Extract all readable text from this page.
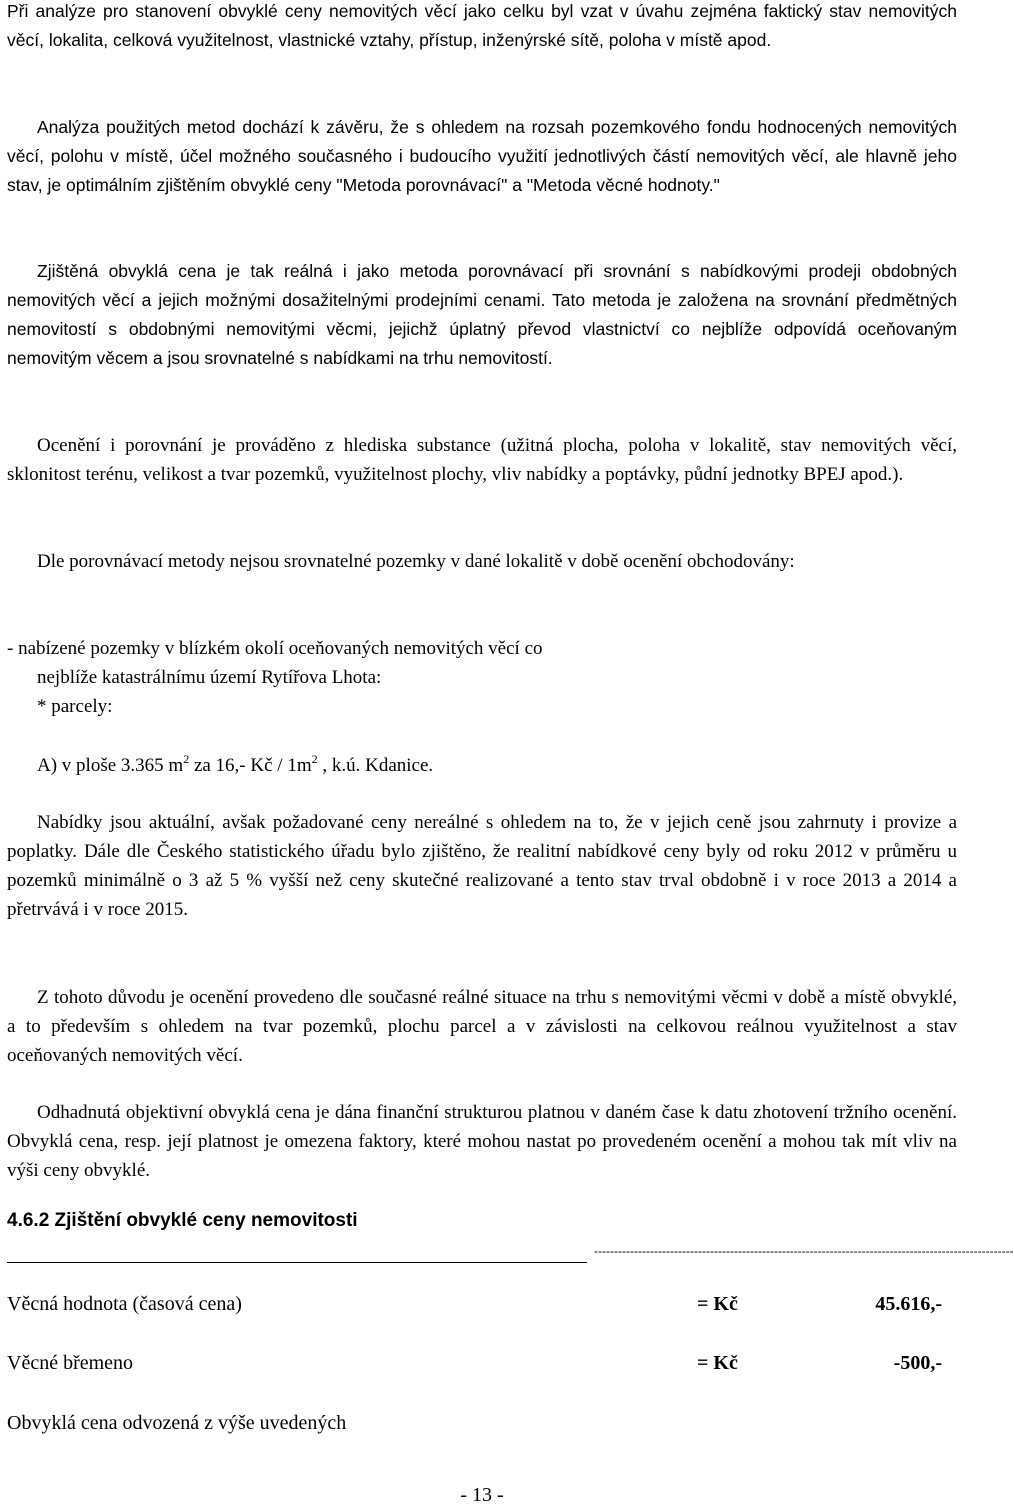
Při analýze pro stanovení obvyklé ceny nemovitých věcí jako celku byl vzat v úvahu zejména faktický stav nemovitých věcí, lokalita, celková využitelnost, vlastnické vztahy, přístup, inženýrské sítě, poloha v místě apod.

Analýza použitých metod dochází k závěru, že s ohledem na rozsah pozemkového fondu hodnocených nemovitých věcí, polohu v místě, účel možného současného i budoucího využití jednotlivých částí nemovitých věcí, ale hlavně jeho stav, je optimálním zjištěním obvyklé ceny "Metoda porovnávací" a "Metoda věcné hodnoty."

Zjištěná obvyklá cena je tak reálná i jako metoda porovnávací při srovnání s nabídkovými prodeji obdobných nemovitých věcí a jejich možnými dosažitelnými prodejními cenami. Tato metoda je založena na srovnání předmětných nemovitostí s obdobnými nemovitými věcmi, jejichž úplatný převod vlastnictví co nejblíže odpovídá oceňovaným nemovitým věcem a jsou srovnatelné s nabídkami na trhu nemovitostí.

Ocenění i porovnání je prováděno z hlediska substance (užitná plocha, poloha v lokalitě, stav nemovitých věcí, sklonitost terénu, velikost a tvar pozemků, využitelnost plochy, vliv nabídky a poptávky, půdní jednotky BPEJ apod.).

Dle porovnávací metody nejsou srovnatelné pozemky v dané lokalitě v době ocenění obchodovány:

- nabízené pozemky v blízkém okolí oceňovaných nemovitých věcí co
nejblíže katastrálnímu území Rytířova Lhota:
* parcely:
A) v ploše 3.365 $m^2$ za 16,- Kč / $1m^2$ , k.ú. Kdanice.

Nabídky jsou aktuální, avšak požadované ceny nereálné s ohledem na to, že v jejich ceně jsou zahrnuty i provize a poplatky. Dále dle Českého statistického úřadu bylo zjištěno, že realitní nabídkové ceny byly od roku 2012 v průměru u pozemků minimálně o 3 až 5 % vyšší než ceny skutečné realizované a tento stav trval obdobně i v roce 2013 a 2014 a přetrvává i v roce 2015.

Z tohoto důvodu je ocenění provedeno dle současné reálné situace na trhu s nemovitými věcmi v době a místě obvyklé, a to především s ohledem na tvar pozemků, plochu parcel a v závislosti na celkovou reálnou využitelnost a stav oceňovaných nemovitých věcí.

Odhadnutá objektivní obvyklá cena je dána finanční strukturou platnou v daném čase k datu zhotovení tržního ocenění. Obvyklá cena, resp. její platnost je omezena faktory, které mohou nastat po provedeném ocenění a mohou tak mít vliv na výši ceny obvyklé.

4.6.2 Zjištění obvyklé ceny nemovitosti
---------------------------------------------------------------------------------------------------------
Věcná hodnota (časová cena)	= Kč	45.616,-
Věcné břemeno	= Kč	-500,-
Obvyklá cena odvozená z výše uvedených
- 13 -
